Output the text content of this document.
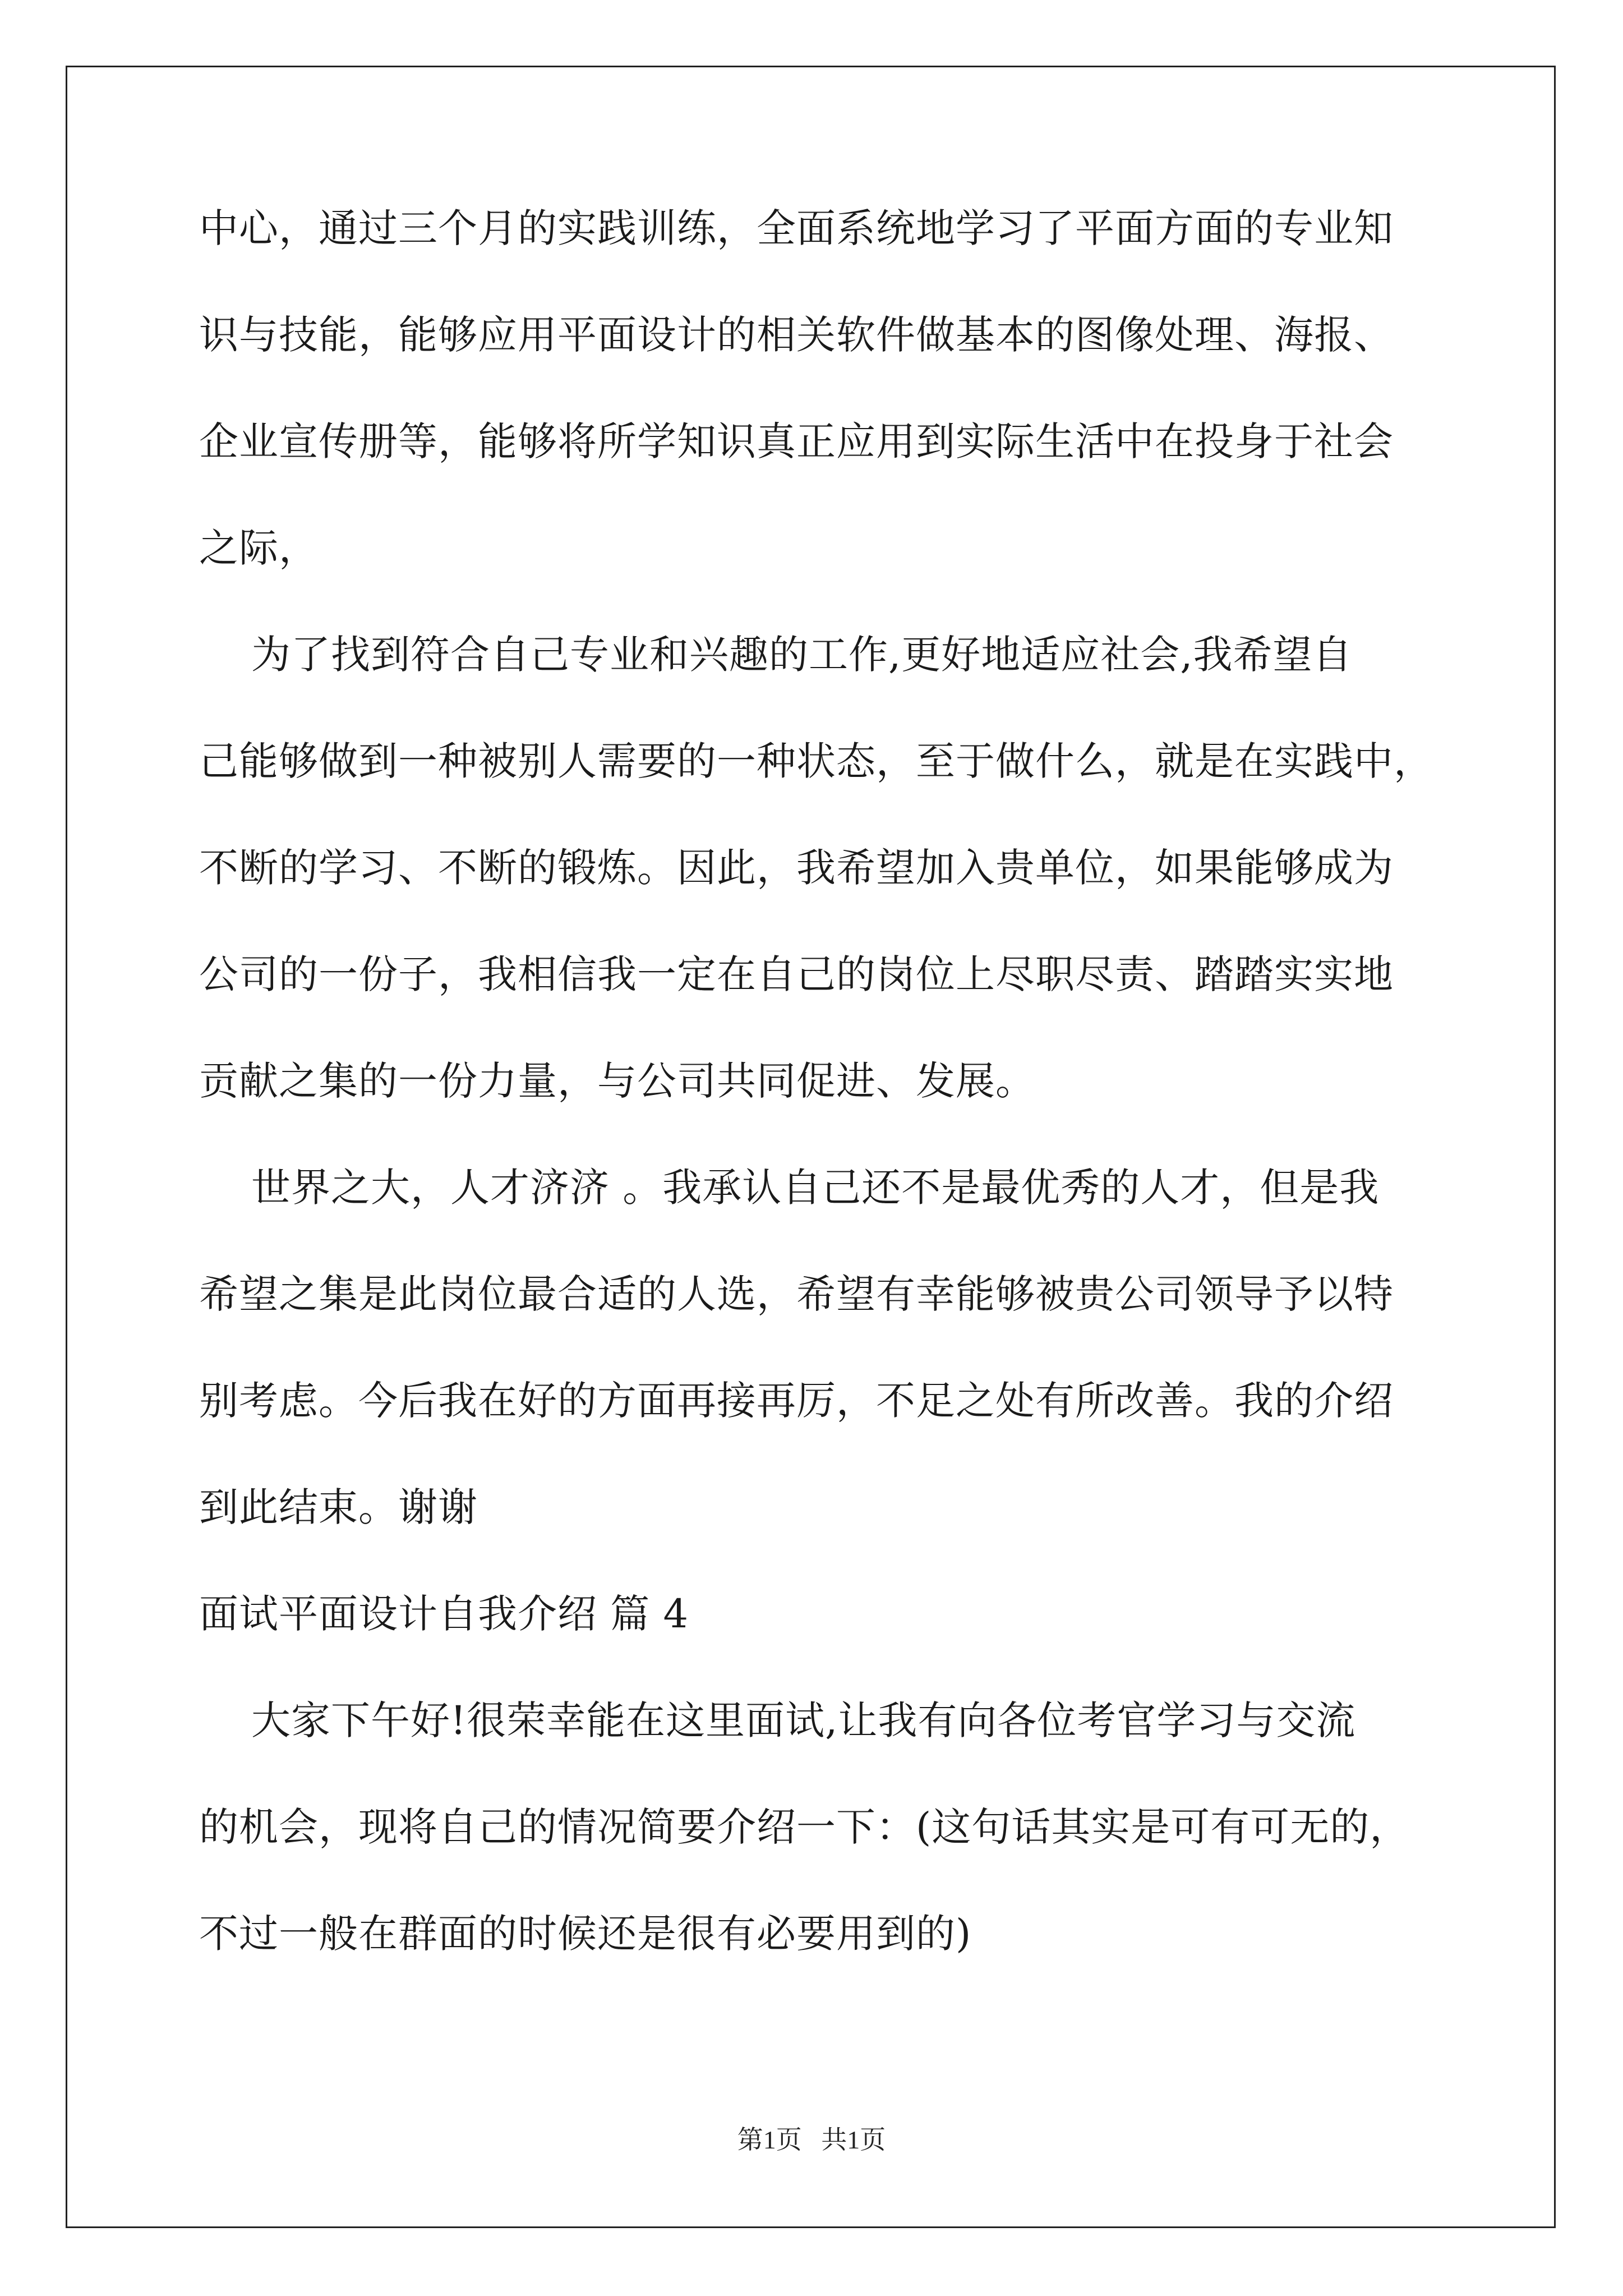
中心，通过三个月的实践训练，全面系统地学习了平面方面的专业知
识与技能，能够应用平面设计的相关软件做基本的图像处理、海报、
企业宣传册等，能够将所学知识真正应用到实际生活中在投身于社会
之际，
为了找到符合自己专业和兴趣的工作,更好地适应社会,我希望自
己能够做到一种被别人需要的一种状态，至于做什么，就是在实践中，
不断的学习、不断的锻炼。因此，我希望加入贵单位，如果能够成为
公司的一份子，我相信我一定在自己的岗位上尽职尽责、踏踏实实地
贡献之集的一份力量，与公司共同促进、发展。
世界之大，人才济济 。我承认自己还不是最优秀的人才，但是我
希望之集是此岗位最合适的人选，希望有幸能够被贵公司领导予以特
别考虑。今后我在好的方面再接再厉，不足之处有所改善。我的介绍
到此结束。谢谢
面试平面设计自我介绍 篇 4
大家下午好!很荣幸能在这里面试,让我有向各位考官学习与交流
的机会，现将自己的情况简要介绍一下：(这句话其实是可有可无的，
不过一般在群面的时候还是很有必要用到的)
第1页   共1页
